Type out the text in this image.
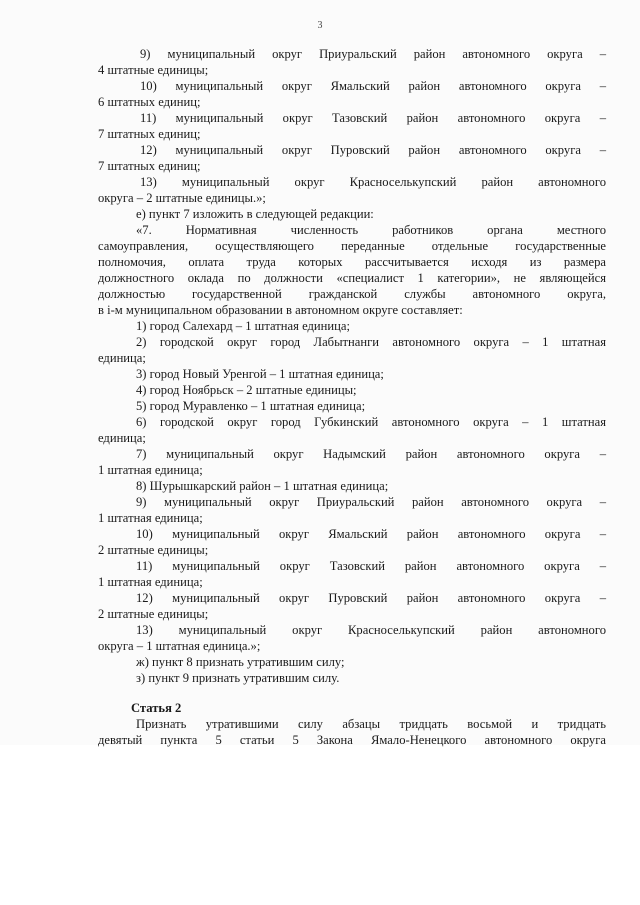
3

9) муниципальный округ Приуральский район автономного округа –

4 штатные единицы;

10) муниципальный округ Ямальский район автономного округа –

6 штатных единиц;

11) муниципальный округ Тазовский район автономного округа –

7 штатных единиц;

12) муниципальный округ Пуровский район автономного округа –

7 штатных единиц;

13) муниципальный округ Красноселькупский район автономного

округа – 2 штатные единицы.»;

е) пункт 7 изложить в следующей редакции:

«7. Нормативная численность работников органа местного

самоуправления, осуществляющего переданные отдельные государственные

полномочия, оплата труда которых рассчитывается исходя из размера

должностного оклада по должности «специалист 1 категории», не являющейся

должностью государственной гражданской службы автономного округа,

в i-м муниципальном образовании в автономном округе составляет:

1) город Салехард – 1 штатная единица;

2) городской округ город Лабытнанги автономного округа – 1 штатная

единица;

3) город Новый Уренгой – 1 штатная единица;

4) город Ноябрьск – 2 штатные единицы;

5) город Муравленко – 1 штатная единица;

6) городской округ город Губкинский автономного округа – 1 штатная

единица;

7) муниципальный округ Надымский район автономного округа –

1 штатная единица;

8) Шурышкарский район – 1 штатная единица;

9) муниципальный округ Приуральский район автономного округа –

1 штатная единица;

10) муниципальный округ Ямальский район автономного округа –

2 штатные единицы;

11) муниципальный округ Тазовский район автономного округа –

1 штатная единица;

12) муниципальный округ Пуровский район автономного округа –

2 штатные единицы;

13) муниципальный округ Красноселькупский район автономного

округа – 1 штатная единица.»;

ж) пункт 8 признать утратившим силу;

з) пункт 9 признать утратившим силу.

Статья 2

Признать утратившими силу абзацы тридцать восьмой и тридцать

девятый пункта 5 статьи 5 Закона Ямало-Ненецкого автономного округа
